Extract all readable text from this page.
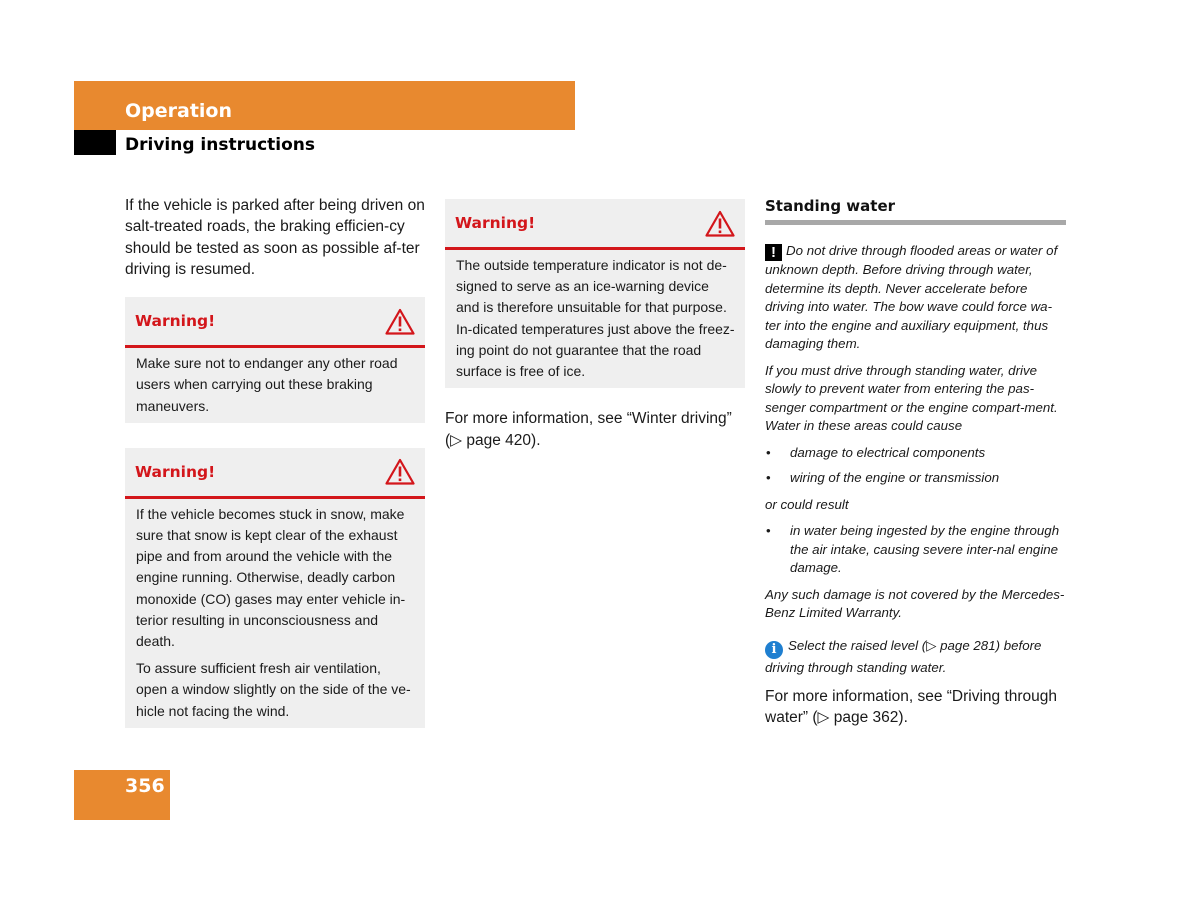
Operation
Driving instructions

If the vehicle is parked after being driven on salt-treated roads, the braking efficien-cy should be tested as soon as possible af-ter driving is resumed.

Warning!

Make sure not to endanger any other road users when carrying out these braking maneuvers.

Warning!

If the vehicle becomes stuck in snow, make sure that snow is kept clear of the exhaust pipe and from around the vehicle with the engine running. Otherwise, deadly carbon monoxide (CO) gases may enter vehicle in-terior resulting in unconsciousness and death.

To assure sufficient fresh air ventilation, open a window slightly on the side of the ve-hicle not facing the wind.

Warning!

The outside temperature indicator is not de-signed to serve as an ice-warning device and is therefore unsuitable for that purpose. In-dicated temperatures just above the freez-ing point do not guarantee that the road surface is free of ice.

For more information, see “Winter driving” (▷ page 420).

Standing water

! Do not drive through flooded areas or water of unknown depth. Before driving through water, determine its depth. Never accelerate before driving into water. The bow wave could force wa-ter into the engine and auxiliary equipment, thus damaging them.

If you must drive through standing water, drive slowly to prevent water from entering the pas-senger compartment or the engine compart-ment.

Water in these areas could cause

• damage to electrical components
• wiring of the engine or transmission

or could result

• in water being ingested by the engine through the air intake, causing severe inter-nal engine damage.

Any such damage is not covered by the Mercedes-Benz Limited Warranty.

i Select the raised level (▷ page 281) before driving through standing water.

For more information, see “Driving through water” (▷ page 362).

356
